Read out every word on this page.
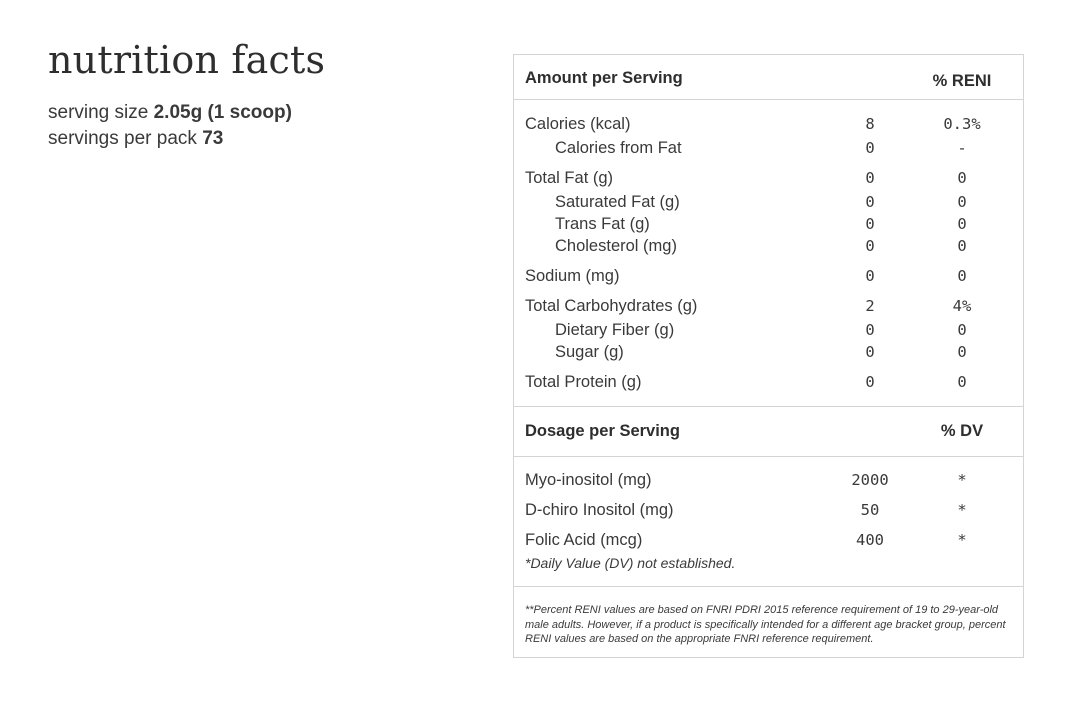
nutrition facts
serving size 2.05g (1 scoop)
servings per pack 73
Amount per Serving	% RENI
Calories (kcal)	8	0.3%
Calories from Fat	0	-
Total Fat (g)	0	0
Saturated Fat (g)	0	0
Trans Fat (g)	0	0
Cholesterol (mg)	0	0
Sodium (mg)	0	0
Total Carbohydrates (g)	2	4%
Dietary Fiber (g)	0	0
Sugar (g)	0	0
Total Protein (g)	0	0
Dosage per Serving	% DV
Myo-inositol (mg)	2000	*
D-chiro Inositol (mg)	50	*
Folic Acid (mcg)	400	*
*Daily Value (DV) not established.

**Percent RENI values are based on FNRI PDRI 2015 reference requirement of 19 to 29-year-old male adults. However, if a product is specifically intended for a different age bracket group, percent RENI values are based on the appropriate FNRI reference requirement.
